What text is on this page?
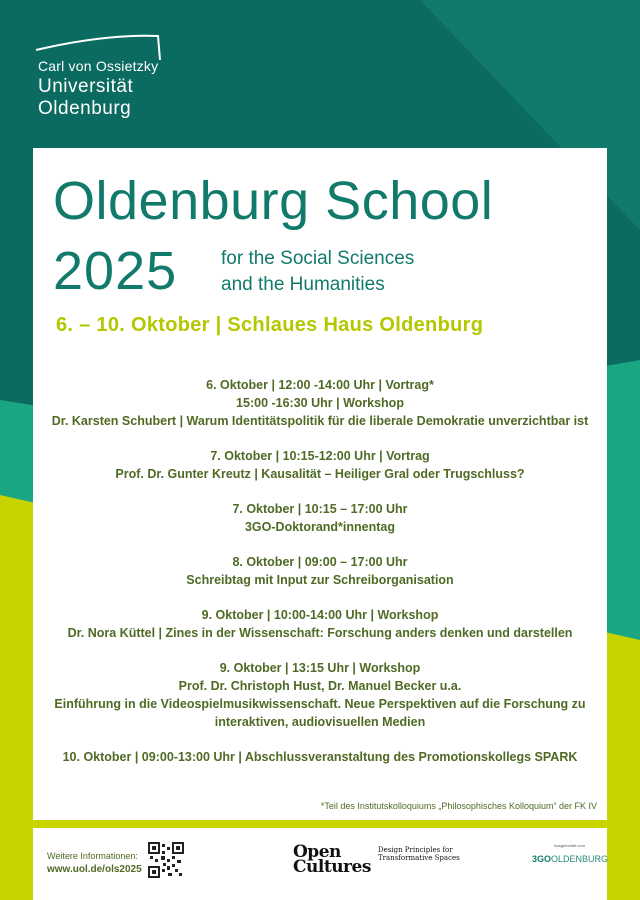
Carl von Ossietzky
Universität
Oldenburg
Oldenburg School
2025 for the Social Sciences
and the Humanities
6. – 10. Oktober | Schlaues Haus Oldenburg
6. Oktober | 12:00 -14:00 Uhr | Vortrag*
15:00 -16:30 Uhr | Workshop
Dr. Karsten Schubert | Warum Identitätspolitik für die liberale Demokratie unverzichtbar ist
7. Oktober | 10:15-12:00 Uhr | Vortrag
Prof. Dr. Gunter Kreutz | Kausalität – Heiliger Gral oder Trugschluss?
7. Oktober | 10:15 – 17:00 Uhr
3GO-Doktorand*innentag
8. Oktober | 09:00 – 17:00 Uhr
Schreibtag mit Input zur Schreiborganisation
9. Oktober | 10:00-14:00 Uhr | Workshop
Dr. Nora Küttel | Zines in der Wissenschaft: Forschung anders denken und darstellen
9. Oktober | 13:15 Uhr | Workshop
Prof. Dr. Christoph Hust, Dr. Manuel Becker u.a.
Einführung in die Videospielmusikwissenschaft. Neue Perspektiven auf die Forschung zu
interaktiven, audiovisuellen Medien
10. Oktober | 09:00-13:00 Uhr | Abschlussveranstaltung des Promotionskollegs SPARK
*Teil des Institutskolloquiums „Philosophisches Kolloquium“ der FK IV
Weitere Informationen:
www.uol.de/ols2025
Open
Cultures
Design Principles for
Transformative Spaces
Ausgerichtet vom
3GOOLDENBURG
